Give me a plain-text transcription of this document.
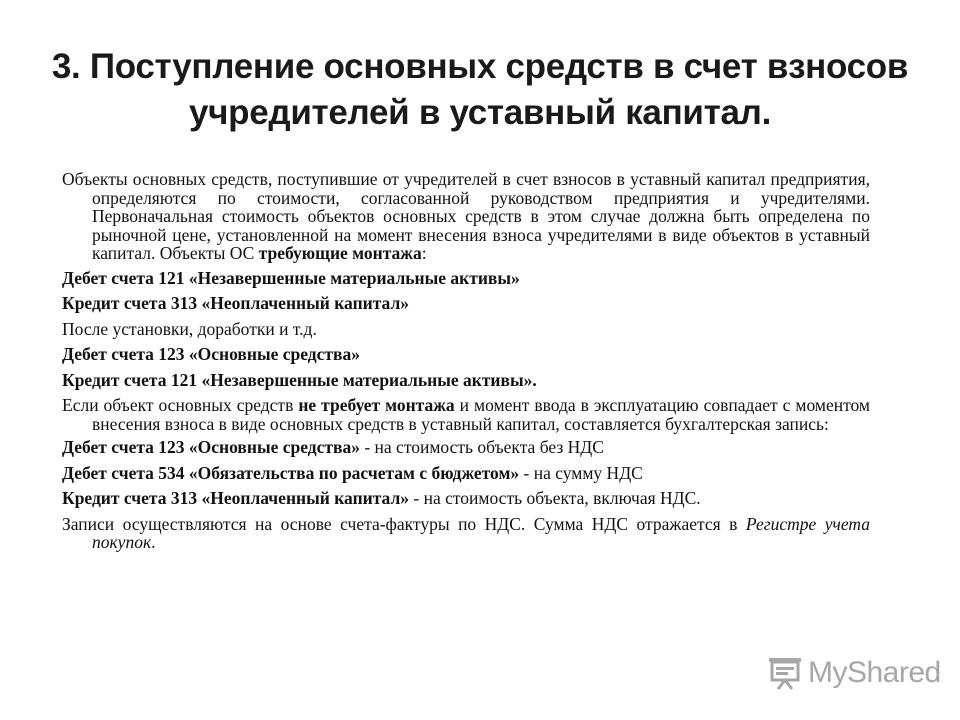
3. Поступление основных средств в счет взносов
учредителей в уставный капитал.

Объекты основных средств, поступившие от учредителей в счет взносов в уставный капитал предприятия, определяются по стоимости, согласованной руководством предприятия и учредителями. Первоначальная стоимость объектов основных средств в этом случае должна быть определена по рыночной цене, установленной на момент внесения взноса учредителями в виде объектов в уставный капитал. Объекты ОС требующие монтажа:

Дебет счета 121 «Незавершенные материальные активы»

Кредит счета 313 «Неоплаченный капитал»

После установки, доработки и т.д.

Дебет счета 123 «Основные средства»

Кредит счета 121 «Незавершенные материальные активы».

Если объект основных средств не требует монтажа и момент ввода в эксплуатацию совпадает с моментом внесения взноса в виде основных средств в уставный капитал, составляется бухгалтерская запись:

Дебет счета 123 «Основные средства» - на стоимость объекта без НДС

Дебет счета 534 «Обязательства по расчетам с бюджетом» - на сумму НДС

Кредит счета 313 «Неоплаченный капитал» - на стоимость объекта, включая НДС.

Записи осуществляются на основе счета-фактуры по НДС. Сумма НДС отражается в Регистре учета покупок.

MyShared
